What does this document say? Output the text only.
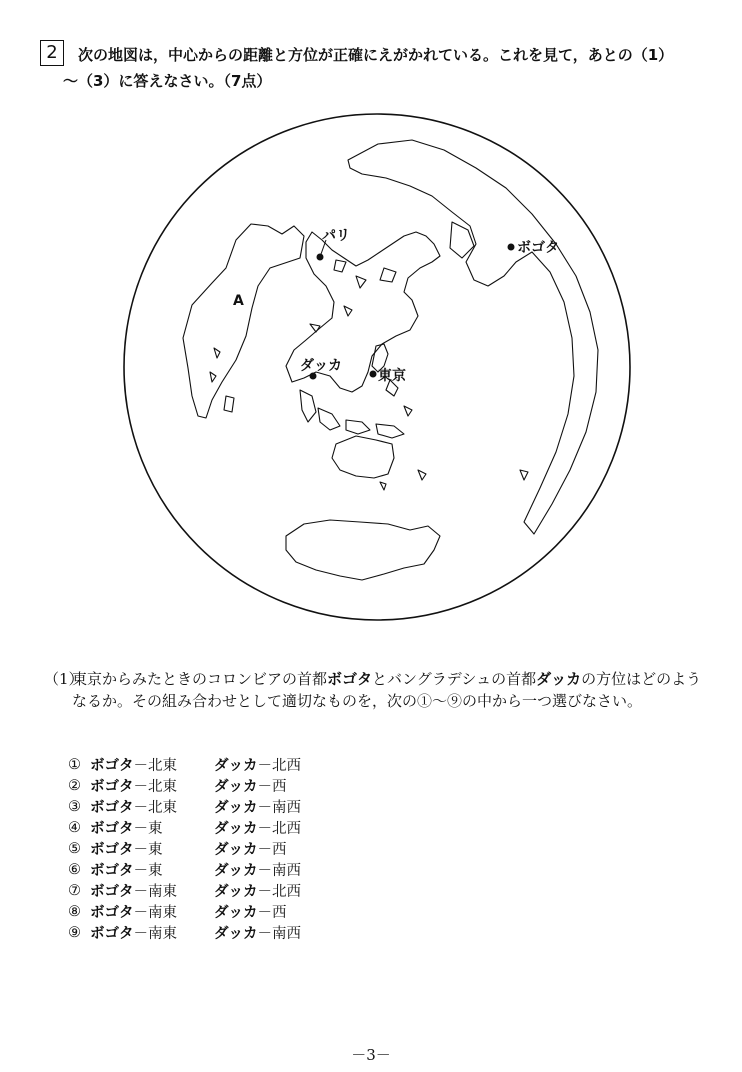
2	次の地図は，中心からの距離と方位が正確にえがかれている。これを見て，あとの（1）
～（3）に答えなさい。（7点）
パリ
ボゴタ
A
ダッカ
東京
（1）
東京からみたときのコロンビアの首都ボゴタとバングラデシュの首都ダッカの方位はどのようなるか。その組み合わせとして適切なものを，次の①～⑨の中から一つ選びなさい。
① ボゴタ－北東	ダッカ －北西
② ボゴタ－北東	ダッカ －西
③ ボゴタ－北東	ダッカ －南西
④ ボゴタ－東	ダッカ －北西
⑤ ボゴタ－東	ダッカ －西
⑥ ボゴタ－東	ダッカ －南西
⑦ ボゴタ－南東	ダッカ －北西
⑧ ボゴタ－南東	ダッカ －西
⑨ ボゴタ－南東	ダッカ －南西
－3－
